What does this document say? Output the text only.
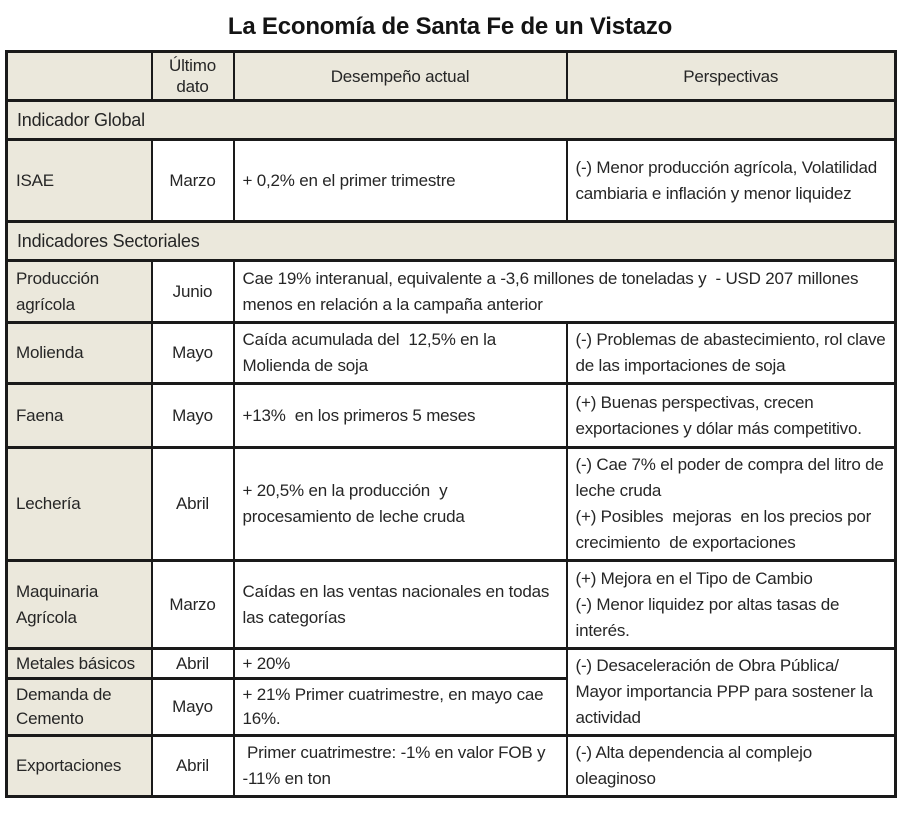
La Economía de Santa Fe de un Vistazo
	Último dato	Desempeño actual	Perspectivas
Indicador Global			
ISAE	Marzo	+ 0,2% en el primer trimestre	(-) Menor producción agrícola, Volatilidad cambiaria e inflación y menor liquidez

Indicadores Sectoriales			
Producción agrícola	Junio	Cae 19% interanual, equivalente a -3,6 millones de toneladas y  - USD 207 millones menos en relación a la campaña anterior	
Molienda	Mayo	Caída acumulada del  12,5% en la Molienda de soja	(-) Problemas de abastecimiento, rol clave de las importaciones de soja

Faena	Mayo	+13%  en los primeros 5 meses	(+) Buenas perspectivas, crecen exportaciones y dólar más competitivo.

Lechería	Abril	+ 20,5% en la producción  y procesamiento de leche cruda	(-) Cae 7% el poder de compra del litro de leche cruda
(+) Posibles  mejoras  en los precios por crecimiento  de exportaciones

Maquinaria Agrícola	Marzo	Caídas en las ventas nacionales en todas las categorías	(+) Mejora en el Tipo de Cambio
(-) Menor liquidez por altas tasas de interés.

Metales básicos	Abril	+ 20%	(-) Desaceleración de Obra Pública/ Mayor importancia PPP para sostener la actividad
Demanda de Cemento	Mayo	+ 21% Primer cuatrimestre, en mayo cae 16%.	
Exportaciones	Abril	Primer cuatrimestre: -1% en valor FOB y  -11% en ton	(-) Alta dependencia al complejo oleaginoso
